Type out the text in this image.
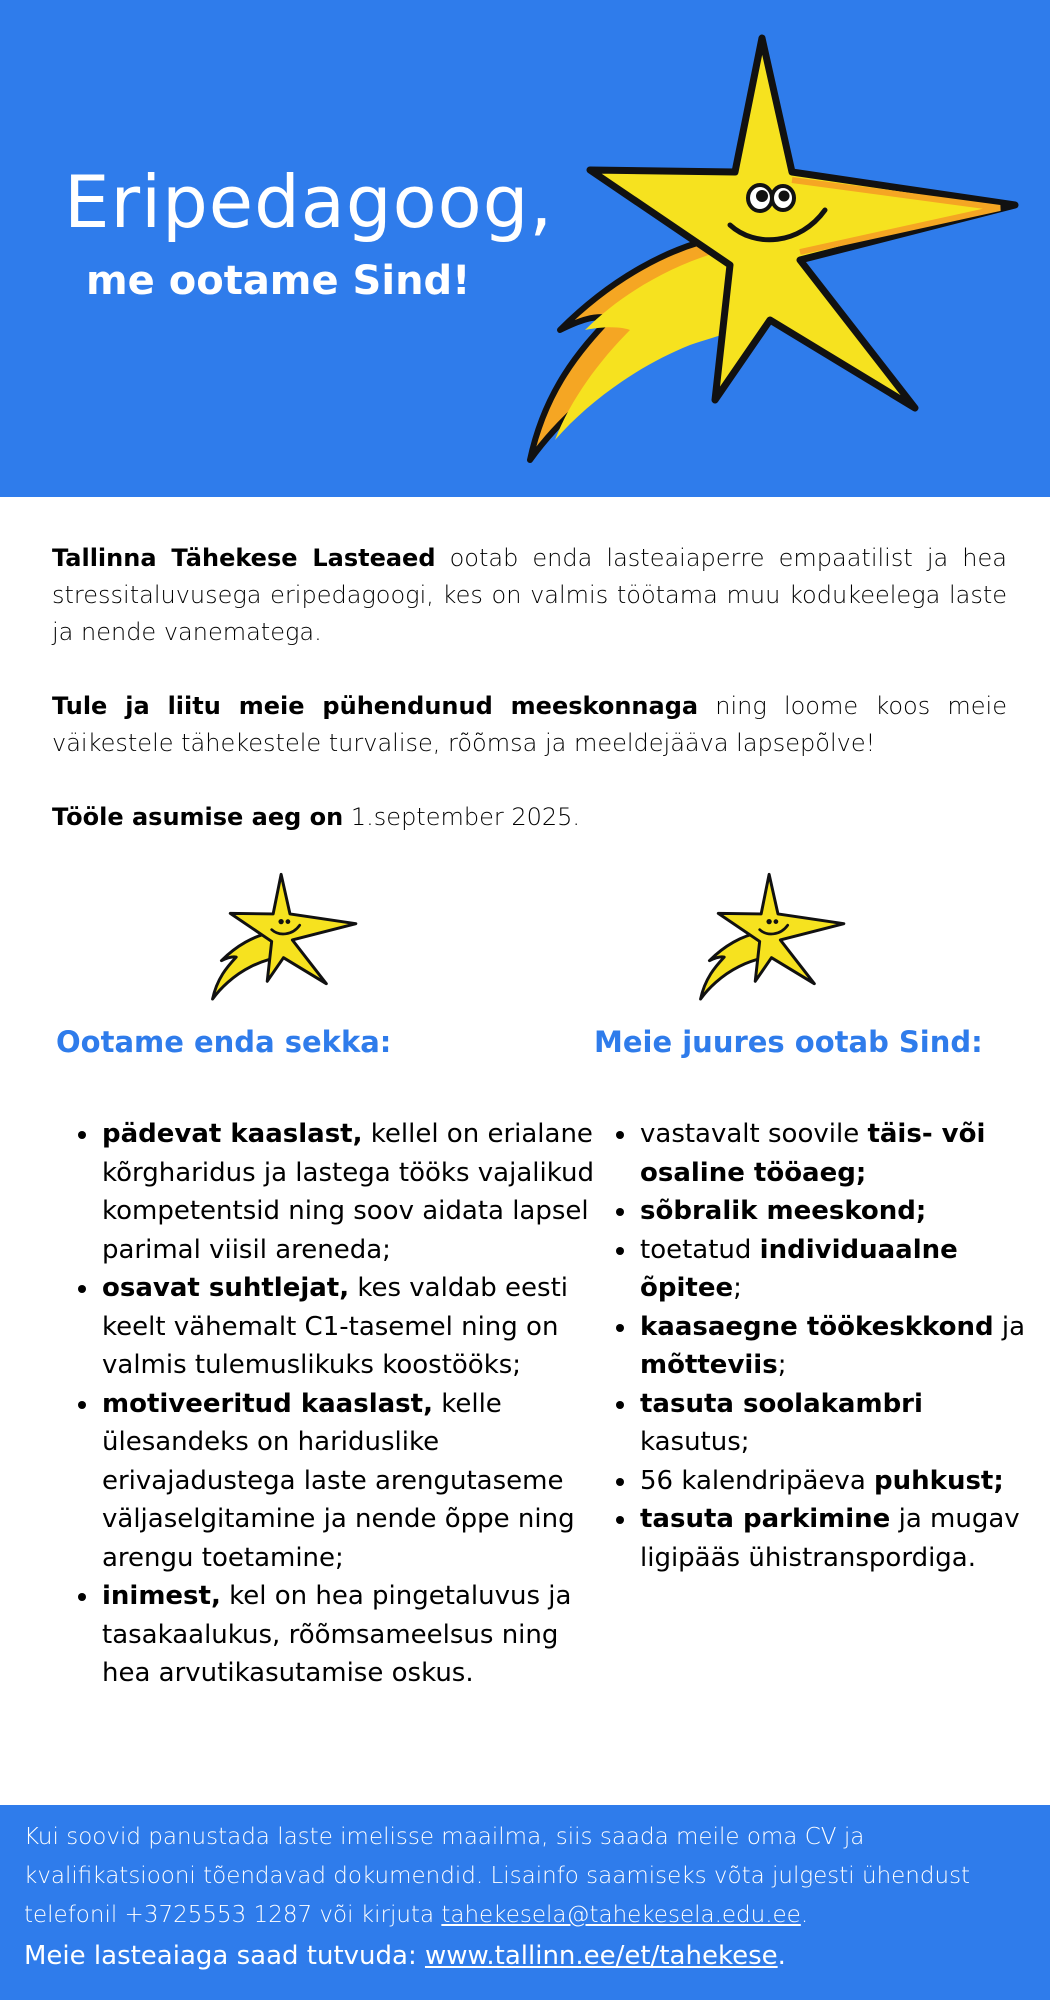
Eripedagoog,
me ootame Sind!

Tallinna Tähekese Lasteaed ootab enda lasteaiaperre empaatilist ja hea stressitaluvusega eripedagoogi, kes on valmis töötama muu kodukeelega laste ja nende vanematega.

Tule ja liitu meie pühendunud meeskonnaga ning loome koos meie väikestele tähekestele turvalise, rõõmsa ja meeldejääva lapsepõlve!

Tööle asumise aeg on 1.september 2025.

Ootame enda sekka:
• pädevat kaaslast, kellel on erialane kõrgharidus ja lastega tööks vajalikud kompetentsid ning soov aidata lapsel parimal viisil areneda;
• osavat suhtlejat, kes valdab eesti keelt vähemalt C1-tasemel ning on valmis tulemuslikuks koostööks;
• motiveeritud kaaslast, kelle ülesandeks on hariduslike erivajadustega laste arengutaseme väljaselgitamine ja nende õppe ning arengu toetamine;
• inimest, kel on hea pingetaluvus ja tasakaalukus, rõõmsameelsus ning hea arvutikasutamise oskus.
Meie juures ootab Sind:
• vastavalt soovile täis- või osaline tööaeg;
• sõbralik meeskond;
• toetatud individuaalne õpitee;
• kaasaegne töökeskkond ja mõtteviis;
• tasuta soolakambri kasutus;
• 56 kalendripäeva puhkust;
• tasuta parkimine ja mugav ligipääs ühistranspordiga.

Kui soovid panustada laste imelisse maailma, siis saada meile oma CV ja kvalifikatsiooni tõendavad dokumendid. Lisainfo saamiseks võta julgesti ühendust telefonil +3725553 1287 või kirjuta tahekesela@tahekesela.edu.ee.

Meie lasteaiaga saad tutvuda: www.tallinn.ee/et/tahekese.
